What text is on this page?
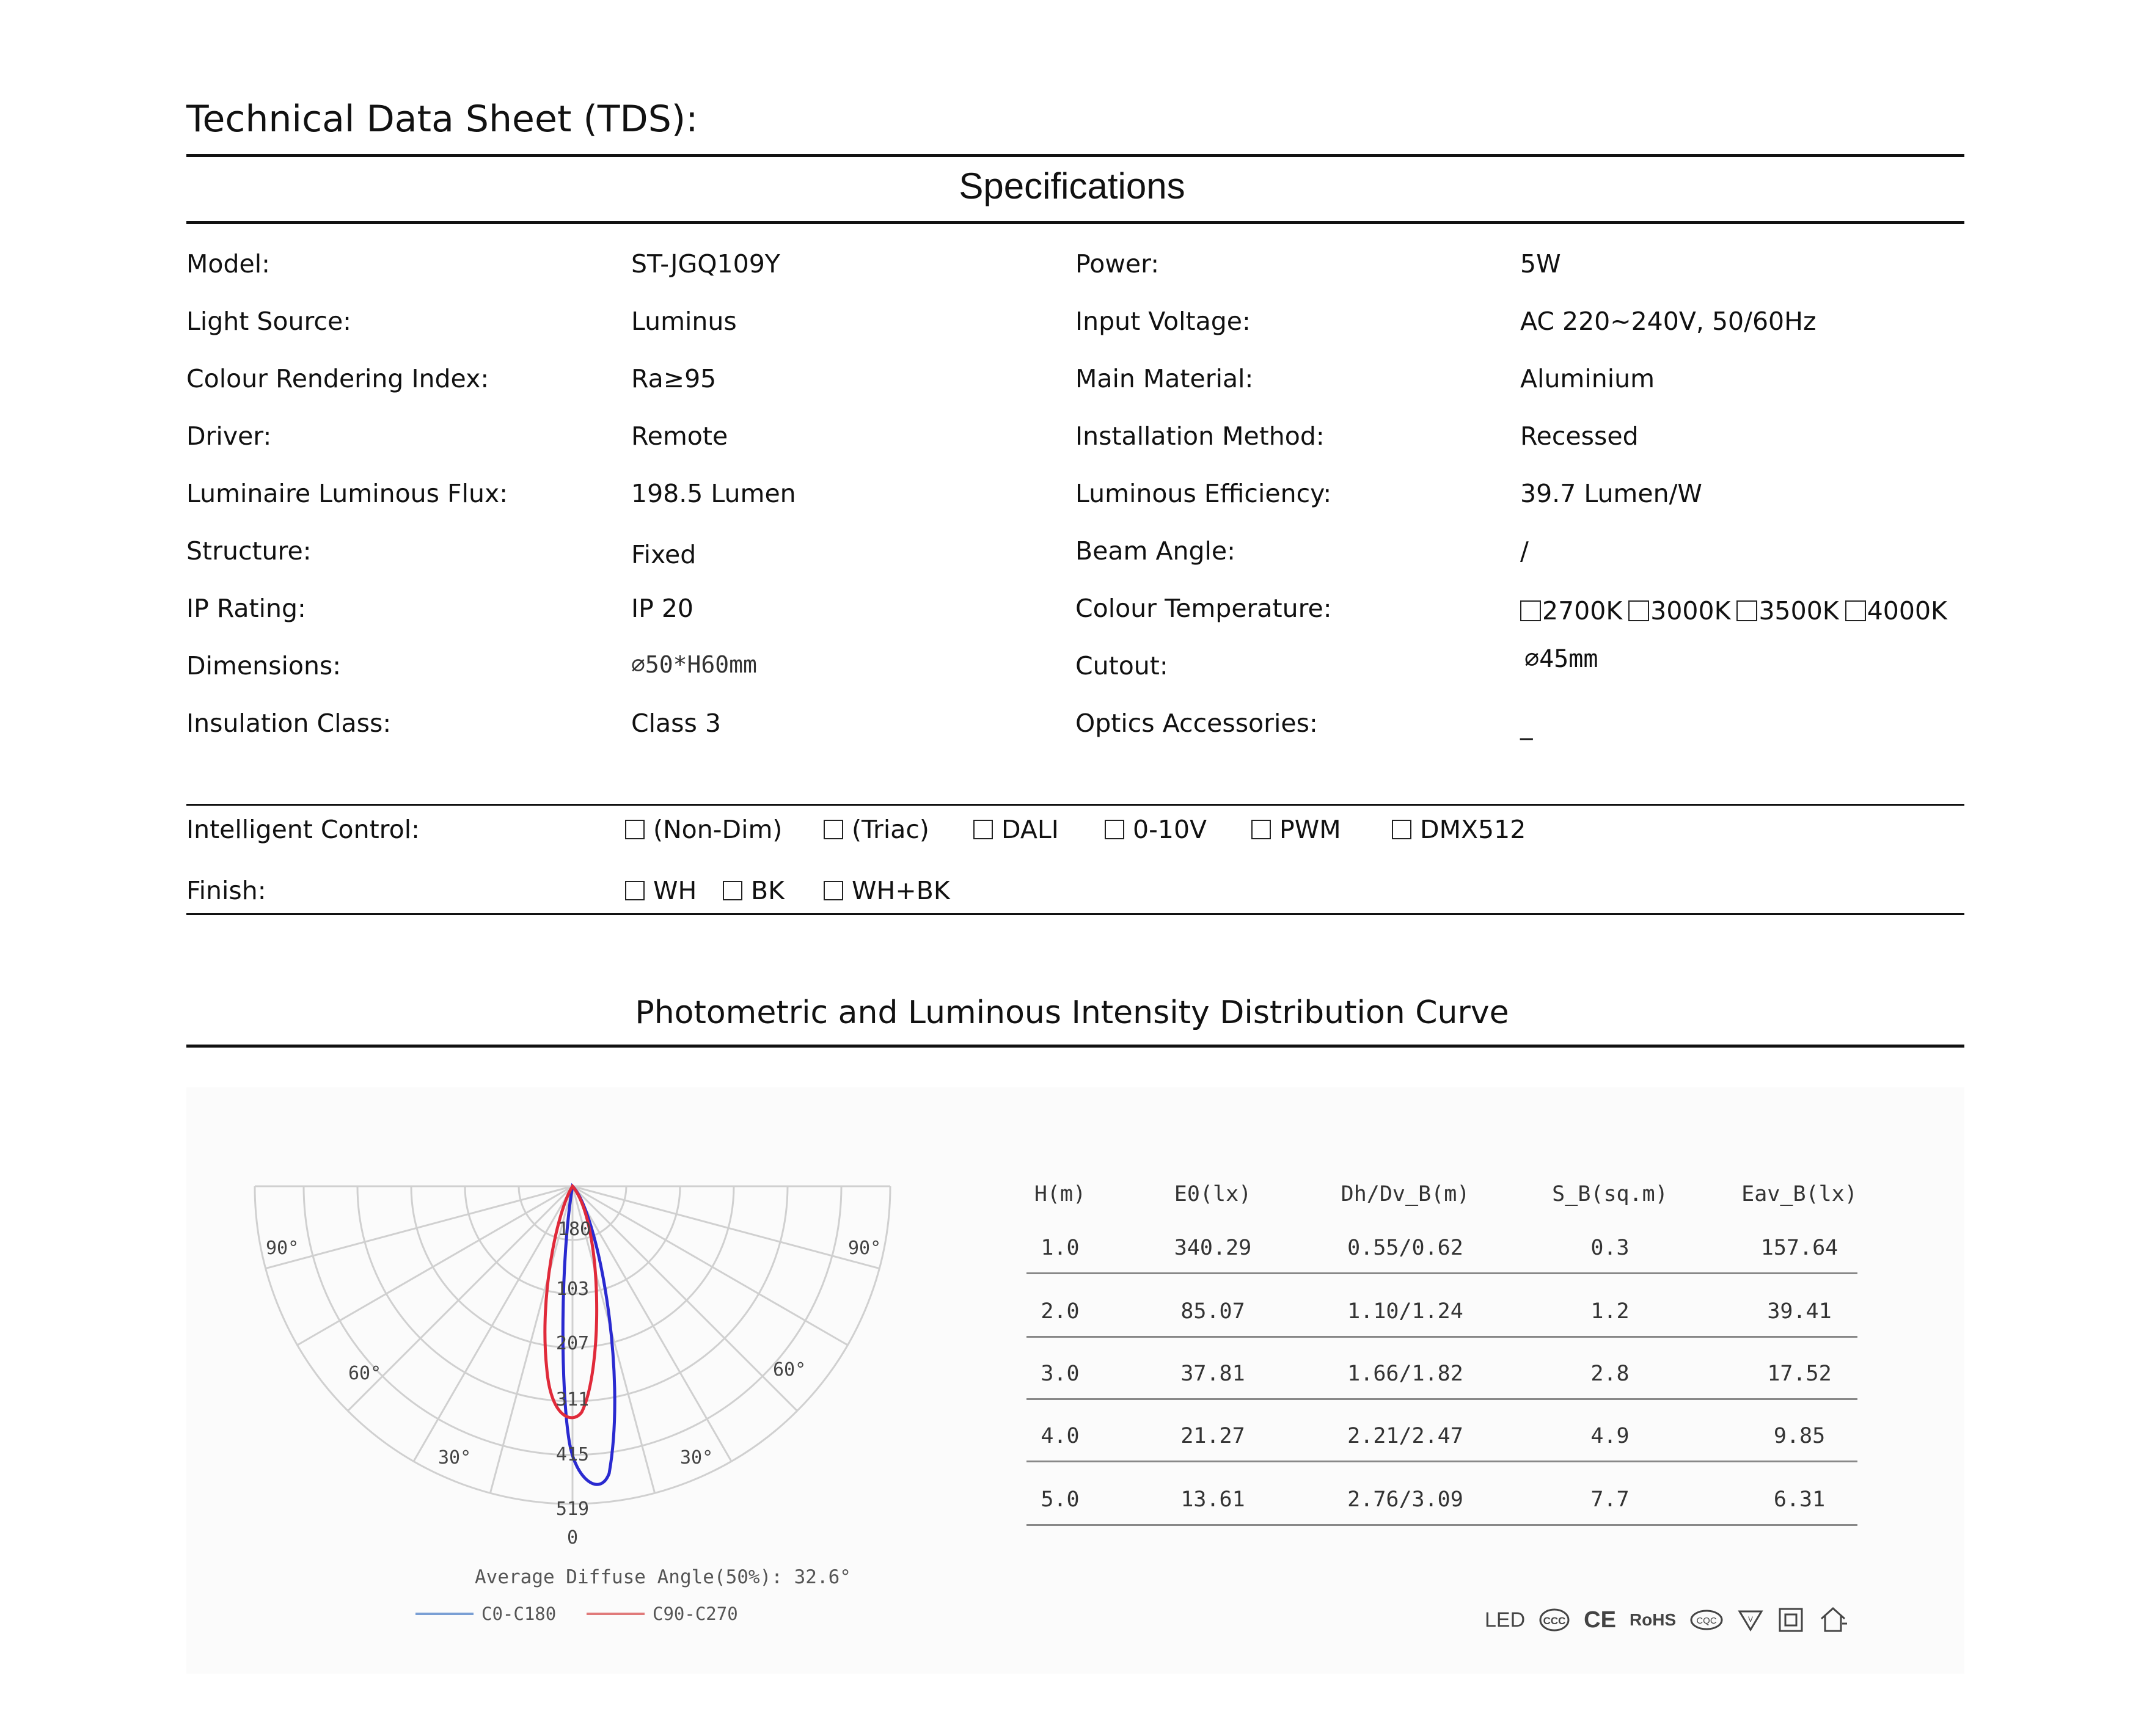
Technical Data Sheet (TDS):
Specifications
Model:	ST-JGQ109Y	Power:	5W
Light Source:	Luminus	Input Voltage:	AC 220~240V, 50/60Hz
Colour Rendering Index:	Ra≥95	Main Material:	Aluminium
Driver:	Remote	Installation Method:	Recessed
Luminaire Luminous Flux:	198.5 Lumen	Luminous Efficiency:	39.7 Lumen/W
Structure:	Fixed	Beam Angle:	/
IP Rating:	IP 20	Colour Temperature:	2700K 3000K 3500K 4000K
Dimensions:	∅50*H60mm	Cutout:	∅45mm
Insulation Class:	Class 3	Optics Accessories:	_
Intelligent Control:	(Non-Dim)	(Triac)	DALI	0-10V	PWM	DMX512
Finish:	WH BK	WH+BK
Photometric and Luminous Intensity Distribution Curve
180
103
207
311
415
519
0
90°	90°
60°	60°
30°	30°
Average Diffuse Angle(50%): 32.6°
C0-C180	C90-C270
H(m)	E0(lx)	Dh/Dv_B(m)	S_B(sq.m)	Eav_B(lx)
1.0	340.29	0.55/0.62	0.3	157.64
2.0	85.07	1.10/1.24	1.2	39.41
3.0	37.81	1.66/1.82	2.8	17.52
4.0	21.27	2.21/2.47	4.9	9.85
5.0	13.61	2.76/3.09	7.7	6.31
LED CCC CE RoHS CQC	V
